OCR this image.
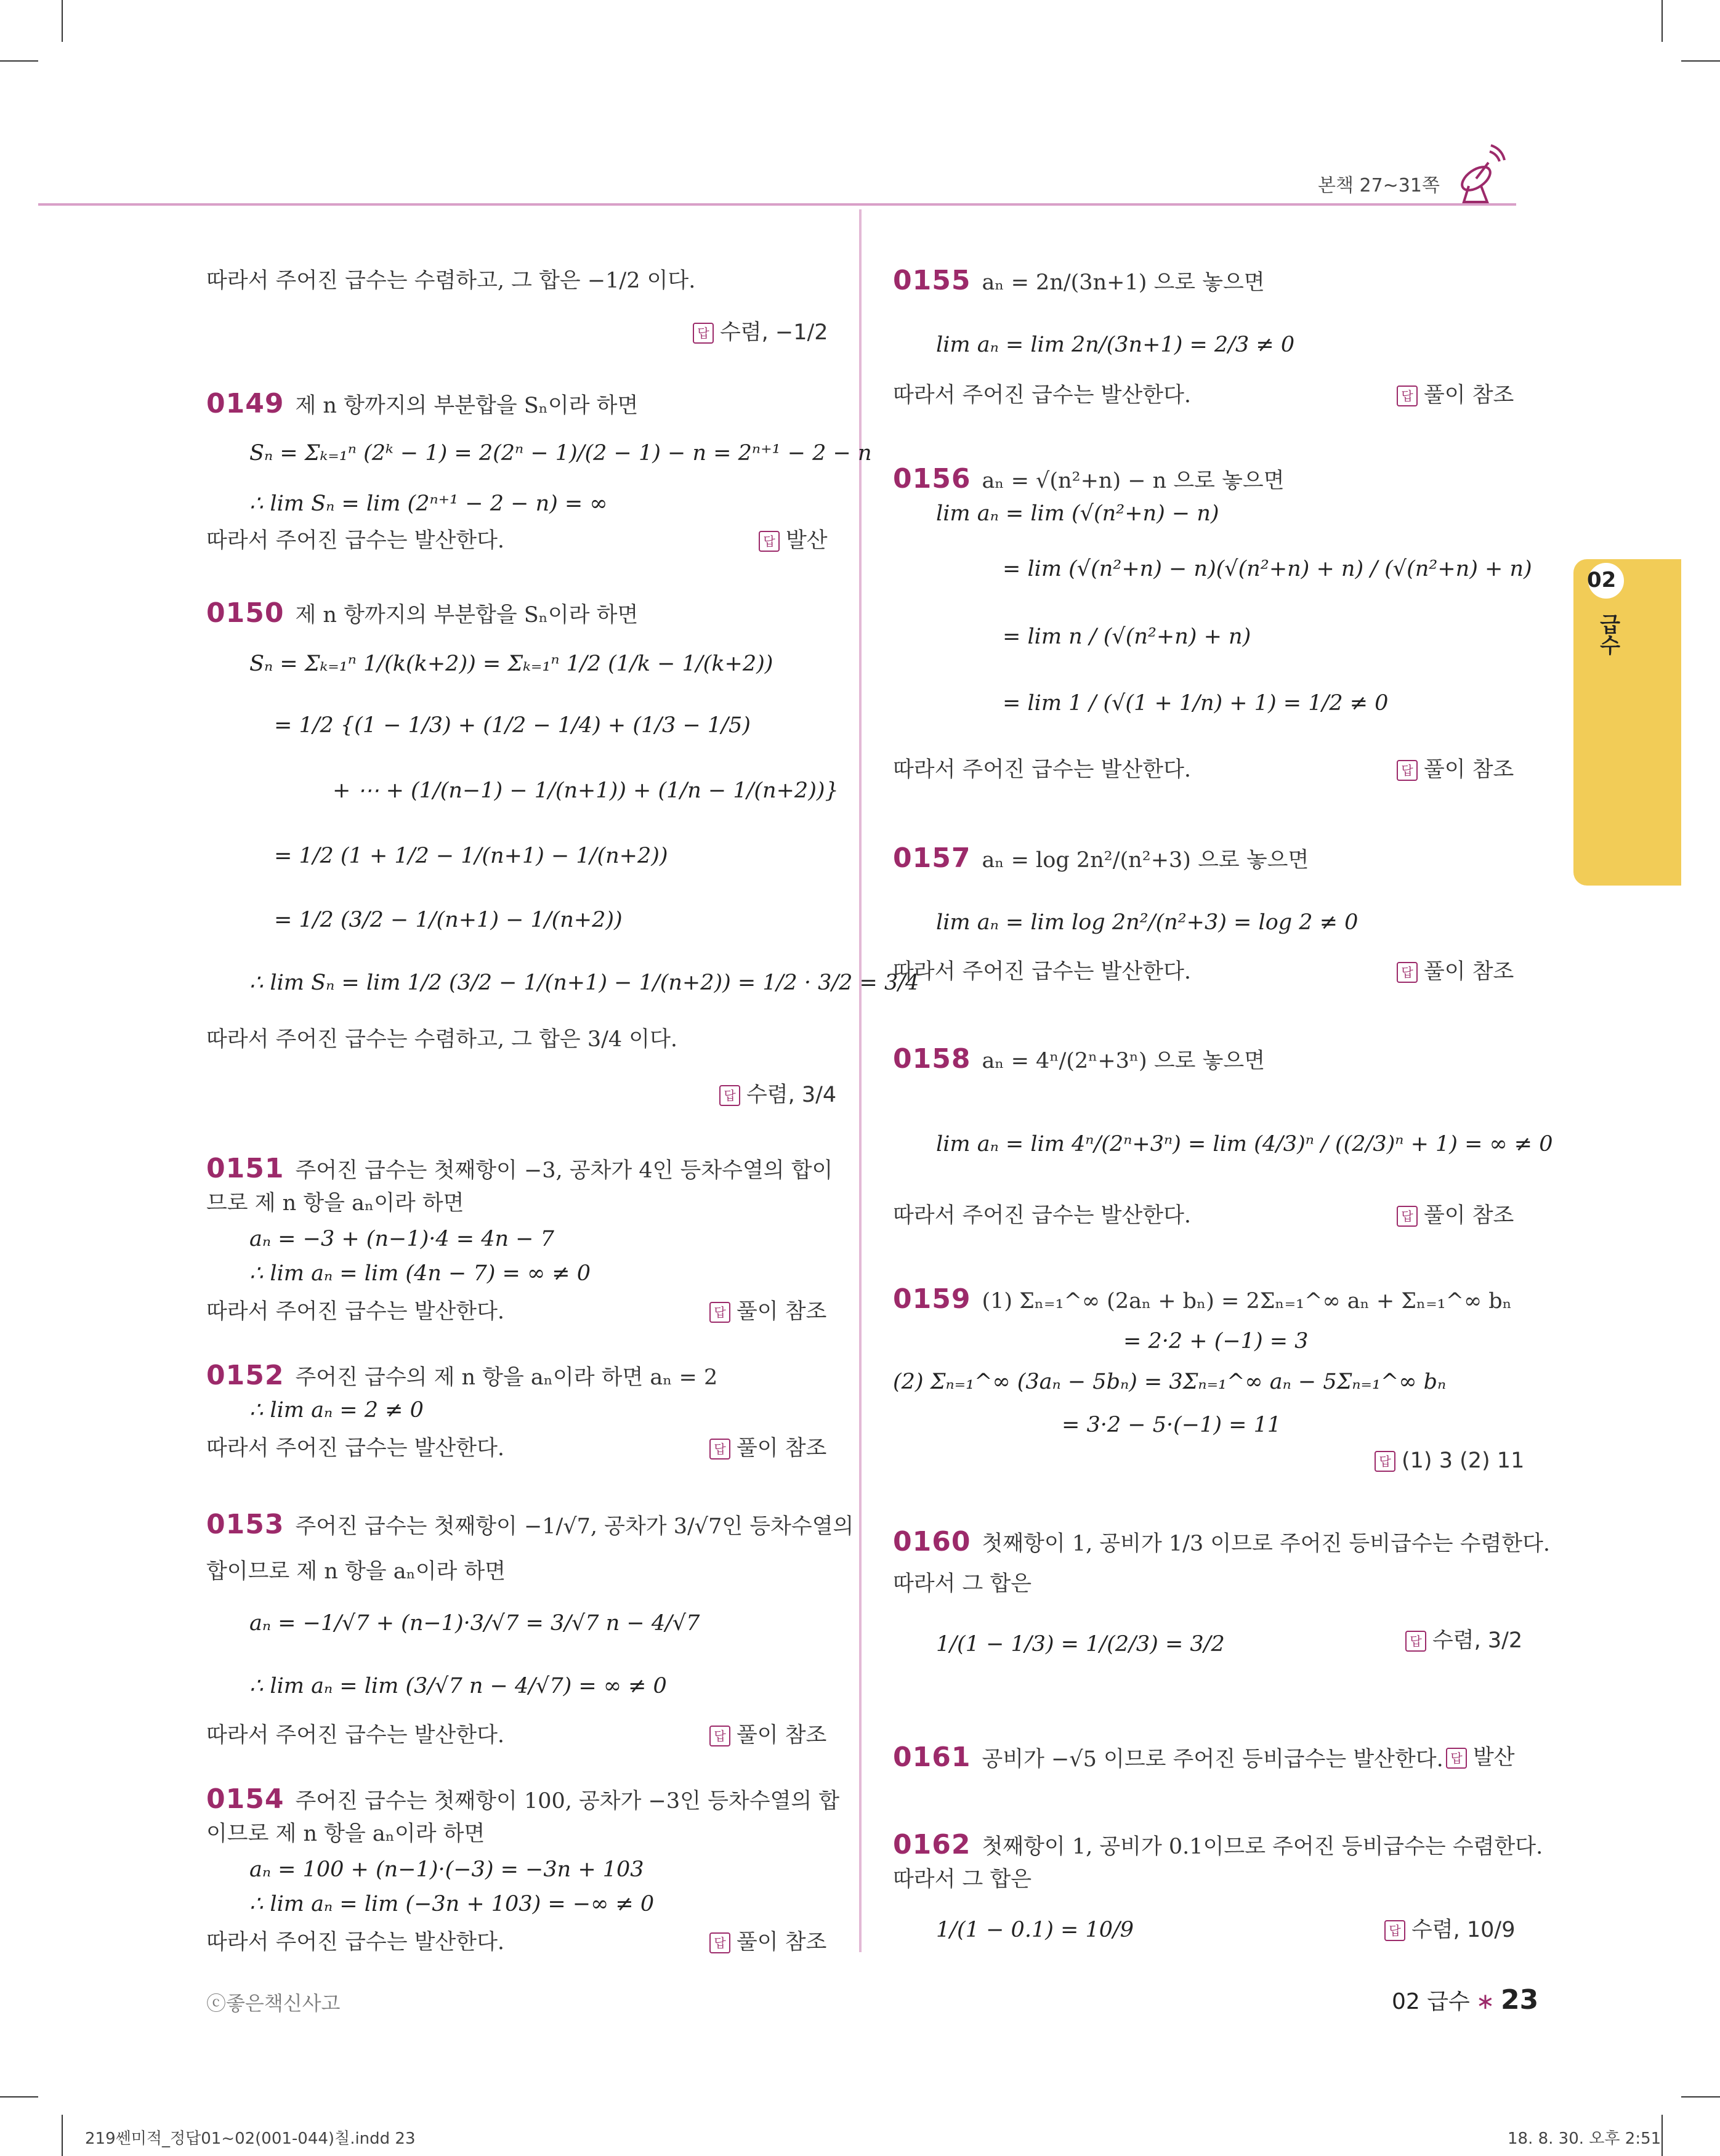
본책 27~31쪽
02
급수
따라서 주어진 급수는 수렴하고, 그 합은 −1/2 이다.
답 수렴, −1/2
0149 제 n 항까지의 부분합을 Sₙ이라 하면
Sₙ = Σₖ₌₁ⁿ (2ᵏ − 1) = 2(2ⁿ − 1)/(2 − 1) − n = 2ⁿ⁺¹ − 2 − n
∴ lim Sₙ = lim (2ⁿ⁺¹ − 2 − n) = ∞
따라서 주어진 급수는 발산한다.	답 발산
0150 제 n 항까지의 부분합을 Sₙ이라 하면
Sₙ = Σₖ₌₁ⁿ 1/(k(k+2)) = Σₖ₌₁ⁿ 1/2 (1/k − 1/(k+2))
= 1/2 {(1 − 1/3) + (1/2 − 1/4) + (1/3 − 1/5)
+ ⋯ + (1/(n−1) − 1/(n+1)) + (1/n − 1/(n+2))}
= 1/2 (1 + 1/2 − 1/(n+1) − 1/(n+2))
= 1/2 (3/2 − 1/(n+1) − 1/(n+2))
∴ lim Sₙ = lim 1/2 (3/2 − 1/(n+1) − 1/(n+2)) = 1/2 · 3/2 = 3/4
따라서 주어진 급수는 수렴하고, 그 합은 3/4 이다.
답 수렴, 3/4
0151 주어진 급수는 첫째항이 −3, 공차가 4인 등차수열의 합이
므로 제 n 항을 aₙ이라 하면
aₙ = −3 + (n−1)·4 = 4n − 7
∴ lim aₙ = lim (4n − 7) = ∞ ≠ 0
따라서 주어진 급수는 발산한다.	답 풀이 참조
0152 주어진 급수의 제 n 항을 aₙ이라 하면 aₙ = 2
∴ lim aₙ = 2 ≠ 0
따라서 주어진 급수는 발산한다.	답 풀이 참조
0153 주어진 급수는 첫째항이 −1/√7, 공차가 3/√7인 등차수열의
합이므로 제 n 항을 aₙ이라 하면
aₙ = −1/√7 + (n−1)·3/√7 = 3/√7 n − 4/√7
∴ lim aₙ = lim (3/√7 n − 4/√7) = ∞ ≠ 0
따라서 주어진 급수는 발산한다.	답 풀이 참조
0154 주어진 급수는 첫째항이 100, 공차가 −3인 등차수열의 합
이므로 제 n 항을 aₙ이라 하면
aₙ = 100 + (n−1)·(−3) = −3n + 103
∴ lim aₙ = lim (−3n + 103) = −∞ ≠ 0
따라서 주어진 급수는 발산한다.	답 풀이 참조
0155 aₙ = 2n/(3n+1) 으로 놓으면
lim aₙ = lim 2n/(3n+1) = 2/3 ≠ 0
따라서 주어진 급수는 발산한다.	답 풀이 참조
0156 aₙ = √(n²+n) − n 으로 놓으면
lim aₙ = lim (√(n²+n) − n)
= lim (√(n²+n) − n)(√(n²+n) + n) / (√(n²+n) + n)
= lim n / (√(n²+n) + n)
= lim 1 / (√(1 + 1/n) + 1) = 1/2 ≠ 0
따라서 주어진 급수는 발산한다.	답 풀이 참조
0157 aₙ = log 2n²/(n²+3) 으로 놓으면
lim aₙ = lim log 2n²/(n²+3) = log 2 ≠ 0
따라서 주어진 급수는 발산한다.	답 풀이 참조
0158 aₙ = 4ⁿ/(2ⁿ+3ⁿ) 으로 놓으면
lim aₙ = lim 4ⁿ/(2ⁿ+3ⁿ) = lim (4/3)ⁿ / ((2/3)ⁿ + 1) = ∞ ≠ 0
따라서 주어진 급수는 발산한다.	답 풀이 참조
0159 (1) Σₙ₌₁^∞ (2aₙ + bₙ) = 2Σₙ₌₁^∞ aₙ + Σₙ₌₁^∞ bₙ
= 2·2 + (−1) = 3
(2) Σₙ₌₁^∞ (3aₙ − 5bₙ) = 3Σₙ₌₁^∞ aₙ − 5Σₙ₌₁^∞ bₙ
= 3·2 − 5·(−1) = 11
답 (1) 3 (2) 11
0160 첫째항이 1, 공비가 1/3 이므로 주어진 등비급수는 수렴한다.
따라서 그 합은
1/(1 − 1/3) = 1/(2/3) = 3/2	답 수렴, 3/2
0161 공비가 −√5 이므로 주어진 등비급수는 발산한다.	답 발산
0162 첫째항이 1, 공비가 0.1이므로 주어진 등비급수는 수렴한다.
따라서 그 합은
1/(1 − 0.1) = 10/9	답 수렴, 10/9
ⓒ좋은책신사고	02 급수 ∗ 23
219쎈미적_정답01~02(001-044)칠.indd 23	18. 8. 30. 오후 2:51
